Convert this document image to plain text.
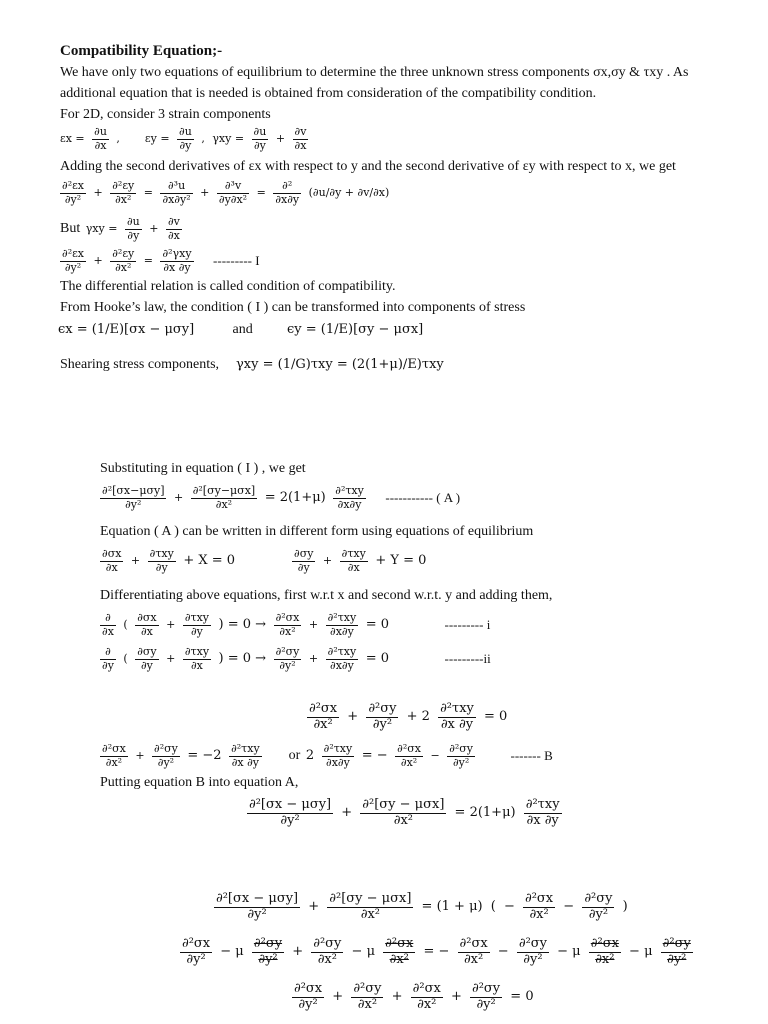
Compatibility Equation;-
We have only two equations of equilibrium to determine the three unknown stress components σx,σy & τxy . As
additional equation that is needed is obtained from consideration of the compatibility condition.
For 2D, consider 3 strain components
$\varepsilon x = \frac{\partial u}{\partial x}$ , $\varepsilon y = \frac{\partial u}{\partial y}$ , $\gamma xy = \frac{\partial u}{\partial y} + \frac{\partial v}{\partial x}$
Adding the second derivatives of εx with respect to y and the second derivative of εy with respect to x, we get
$\frac{\text{∂²εx}}{\text{∂y²}} + \frac{\text{∂²εy}}{\text{∂x²}} = \frac{\text{∂³u}}{\text{∂x∂y²}} + \frac{\text{∂³v}}{\text{∂y∂x²}} = \frac{\text{∂²}}{\partial x\partial y} (\partial u/\partial y + \partial v/\partial x)$
But $\gamma xy = \frac{\partial u}{\partial y} + \frac{\partial v}{\partial x}$
$\frac{\text{∂²εx}}{\text{∂y²}} + \frac{\text{∂²εy}}{\text{∂x²}} = \frac{\text{∂²γxy}}{\partial x \partial y}$ --------- I
The differential relation is called condition of compatibility.
From Hooke’s law, the condition ( I ) can be transformed into components of stress
ϵx = (1/E)[σx − μσy]	and	ϵy = (1/E)[σy − μσx]
Shearing stress components, γxy = (1/G)τxy = (2(1+μ)/E)τxy
Substituting in equation ( I ) , we get
$\frac{\text{∂²[σx−μσy]}}{\text{∂y²}} + \frac{\text{∂²[σy−μσx]}}{\text{∂x²}} = 2(1+\mu) \frac{\text{∂²τxy}}{\partial x\partial y}$ ----------- ( A )
Equation ( A ) can be written in different form using equations of equilibrium
$\frac{\partial\sigma x}{\partial x} + \frac{\text{∂τxy}}{\partial y} + X = 0$	$\frac{\partial\sigma y}{\partial y} + \frac{\text{∂τxy}}{\partial x} + Y = 0$
Differentiating above equations, first w.r.t x and second w.r.t. y and adding them,
$\frac{\partial}{\partial x}$ ( $\frac{\partial\sigma x}{\partial x} + \frac{\text{∂τxy}}{\partial y}$ ) = $0 \to \frac{\text{∂²σx}}{\text{∂x²}} + \frac{\text{∂²τxy}}{\partial x\partial y} = 0$	--------- i
$\frac{\partial}{\partial y}$ ( $\frac{\partial\sigma y}{\partial y} + \frac{\text{∂τxy}}{\partial x}$ ) = $0 \to \frac{\text{∂²σy}}{\text{∂y²}} + \frac{\text{∂²τxy}}{\partial x\partial y} = 0$	---------ii
$\frac{\text{∂²σx}}{\text{∂x²}} + \frac{\text{∂²σy}}{\text{∂y²}} + 2 \frac{\text{∂²τxy}}{\partial x \partial y} = 0$
$\frac{\text{∂²σx}}{\text{∂x²}} + \frac{\text{∂²σy}}{\text{∂y²}} = -2 \frac{\text{∂²τxy}}{\partial x \partial y}$ or $2 \frac{\text{∂²τxy}}{\partial x\partial y}$ = − $\frac{\text{∂²σx}}{\text{∂x²}} - \frac{\text{∂²σy}}{\text{∂y²}}$	------- B
Putting equation B into equation A,
$\frac{\text{∂²[σx − μσy]}}{\text{∂y²}} + \frac{\text{∂²[σy − μσx]}}{\text{∂x²}} = 2(1+\mu) \frac{\text{∂²τxy}}{\partial x \partial y}$
$\frac{\text{∂²[σx − μσy]}}{\text{∂y²}} + \frac{\text{∂²[σy − μσx]}}{\text{∂x²}} = (1 + \mu)$ ( − $\frac{\text{∂²σx}}{\text{∂x²}} - \frac{\text{∂²σy}}{\text{∂y²}}$ )
$\frac{\text{∂²σx}}{\text{∂y²}} - \mu \frac{\text{∂²σy}}{\text{∂y²}} + \frac{\text{∂²σy}}{\text{∂x²}} - \mu \frac{\text{∂²σx}}{\text{∂x²}}$ = − $\frac{\text{∂²σx}}{\text{∂x²}} - \frac{\text{∂²σy}}{\text{∂y²}} - \mu \frac{\text{∂²σx}}{\text{∂x²}} - \mu \frac{\text{∂²σy}}{\text{∂y²}}$
$\frac{\text{∂²σx}}{\text{∂y²}} + \frac{\text{∂²σy}}{\text{∂x²}} + \frac{\text{∂²σx}}{\text{∂x²}} + \frac{\text{∂²σy}}{\text{∂y²}} = 0$
